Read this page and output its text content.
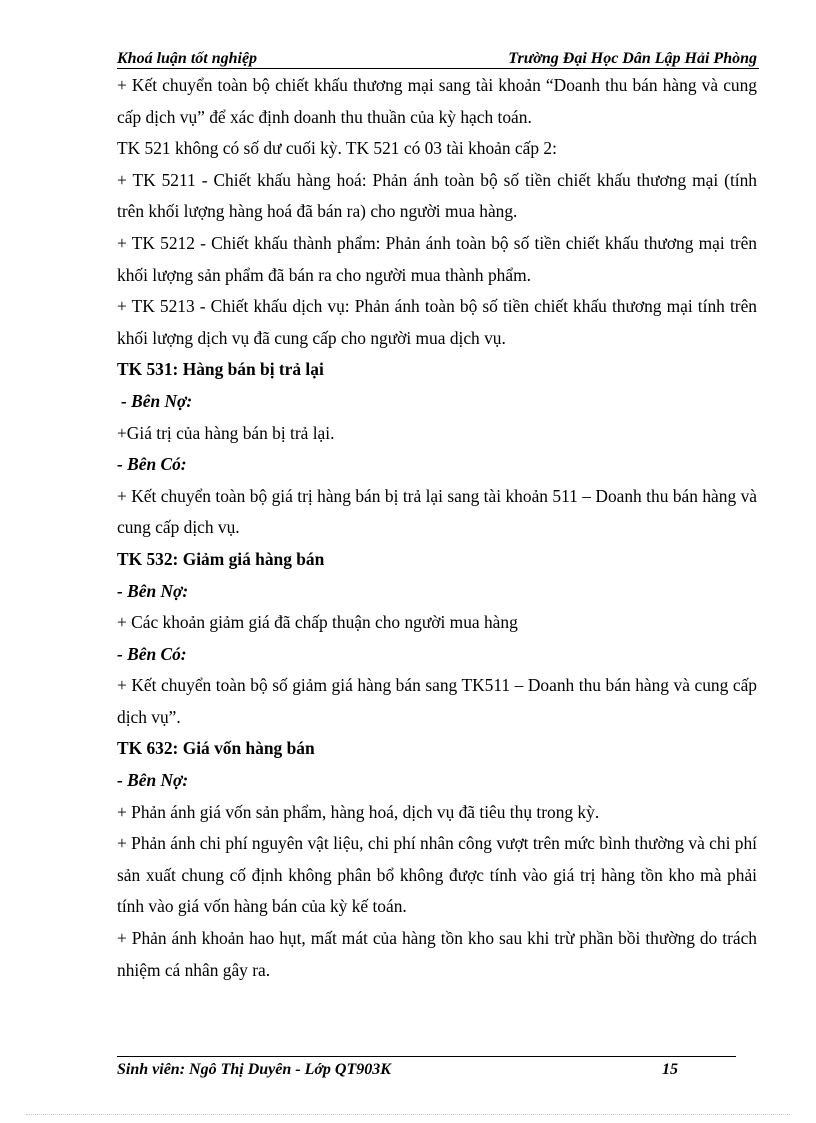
Khoá luận tốt nghiệp	Trường Đại Học Dân Lập Hải Phòng

+ Kết chuyển toàn bộ chiết khấu thương mại sang tài khoản “Doanh thu bán hàng và cung cấp dịch vụ” để xác định doanh thu thuần của kỳ hạch toán.

TK 521 không có số dư cuối kỳ. TK 521 có 03 tài khoản cấp 2:

+ TK 5211 - Chiết khấu hàng hoá: Phản ánh toàn bộ số tiền chiết khấu thương mại (tính trên khối lượng hàng hoá đã bán ra) cho người mua hàng.

+ TK 5212 - Chiết khấu thành phẩm: Phản ánh toàn bộ số tiền chiết khấu thương mại trên khối lượng sản phẩm đã bán ra cho người mua thành phẩm.

+ TK 5213 - Chiết khấu dịch vụ: Phản ánh toàn bộ số tiền chiết khấu thương mại tính trên khối lượng dịch vụ đã cung cấp cho người mua dịch vụ.

TK 531: Hàng bán bị trả lại

- Bên Nợ:

+Giá trị của hàng bán bị trả lại.

- Bên Có:

+ Kết chuyển toàn bộ giá trị hàng bán bị trả lại sang tài khoản 511 – Doanh thu bán hàng và cung cấp dịch vụ.

TK 532: Giảm giá hàng bán

- Bên Nợ:

+ Các khoản giảm giá đã chấp thuận cho người mua hàng

- Bên Có:

+ Kết chuyển toàn bộ số giảm giá hàng bán sang TK511 – Doanh thu bán hàng và cung cấp dịch vụ”.

TK 632: Giá vốn hàng bán

- Bên Nợ:

+ Phản ánh giá vốn sản phẩm, hàng hoá, dịch vụ đã tiêu thụ trong kỳ.

+ Phản ánh chi phí nguyên vật liệu, chi phí nhân công vượt trên mức bình thường và chi phí sản xuất chung cố định không phân bổ không được tính vào giá trị hàng tồn kho mà phải tính vào giá vốn hàng bán của kỳ kế toán.

+ Phản ánh khoản hao hụt, mất mát của hàng tồn kho sau khi trừ phần bồi thường do trách nhiệm cá nhân gây ra.

Sinh viên: Ngô Thị Duyên - Lớp QT903K	15
